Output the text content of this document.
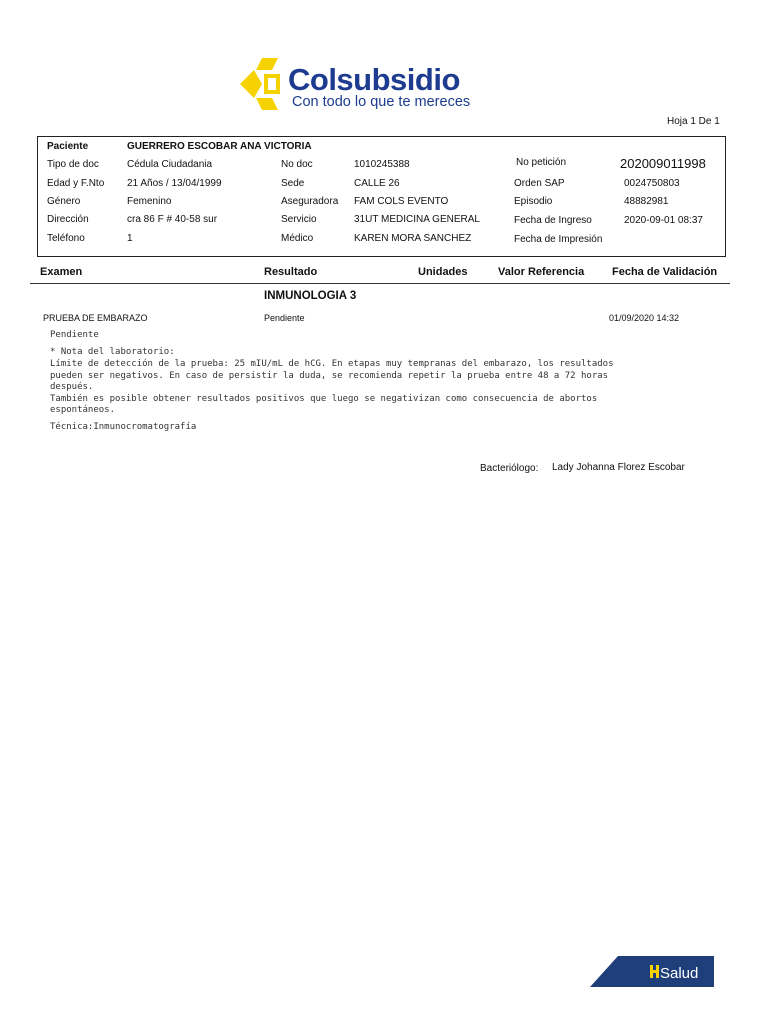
Colsubsidio
Con todo lo que te mereces
Hoja 1 De 1
Paciente	GUERRERO ESCOBAR ANA VICTORIA
Tipo de doc	Cédula Ciudadania	No doc	1010245388	No petición	202009011998
Edad y F.Nto 21 Años / 13/04/1999	Sede	CALLE 26	Orden SAP	0024750803
Género	Femenino	Aseguradora FAM COLS EVENTO	Episodio	48882981
Dirección	cra 86 F # 40-58 sur	Servicio	31UT MEDICINA GENERAL	Fecha de Ingreso	2020-09-01 08:37
Teléfono	1	Médico	KAREN MORA SANCHEZ	Fecha de Impresión
Examen	Resultado	Unidades	Valor Referencia	Fecha de Validación
INMUNOLOGIA 3
PRUEBA DE EMBARAZO	Pendiente	01/09/2020 14:32
Pendiente
* Nota del laboratorio:
Límite de detección de la prueba: 25 mIU/mL de hCG. En etapas muy tempranas del embarazo, los resultados
pueden ser negativos. En caso de persistir la duda, se recomienda repetir la prueba entre 48 a 72 horas
después.
También es posible obtener resultados positivos que luego se negativizan como consecuencia de abortos
espontáneos.
Técnica:Inmunocromatografía
Bacteriólogo: Lady Johanna Florez Escobar
Salud
